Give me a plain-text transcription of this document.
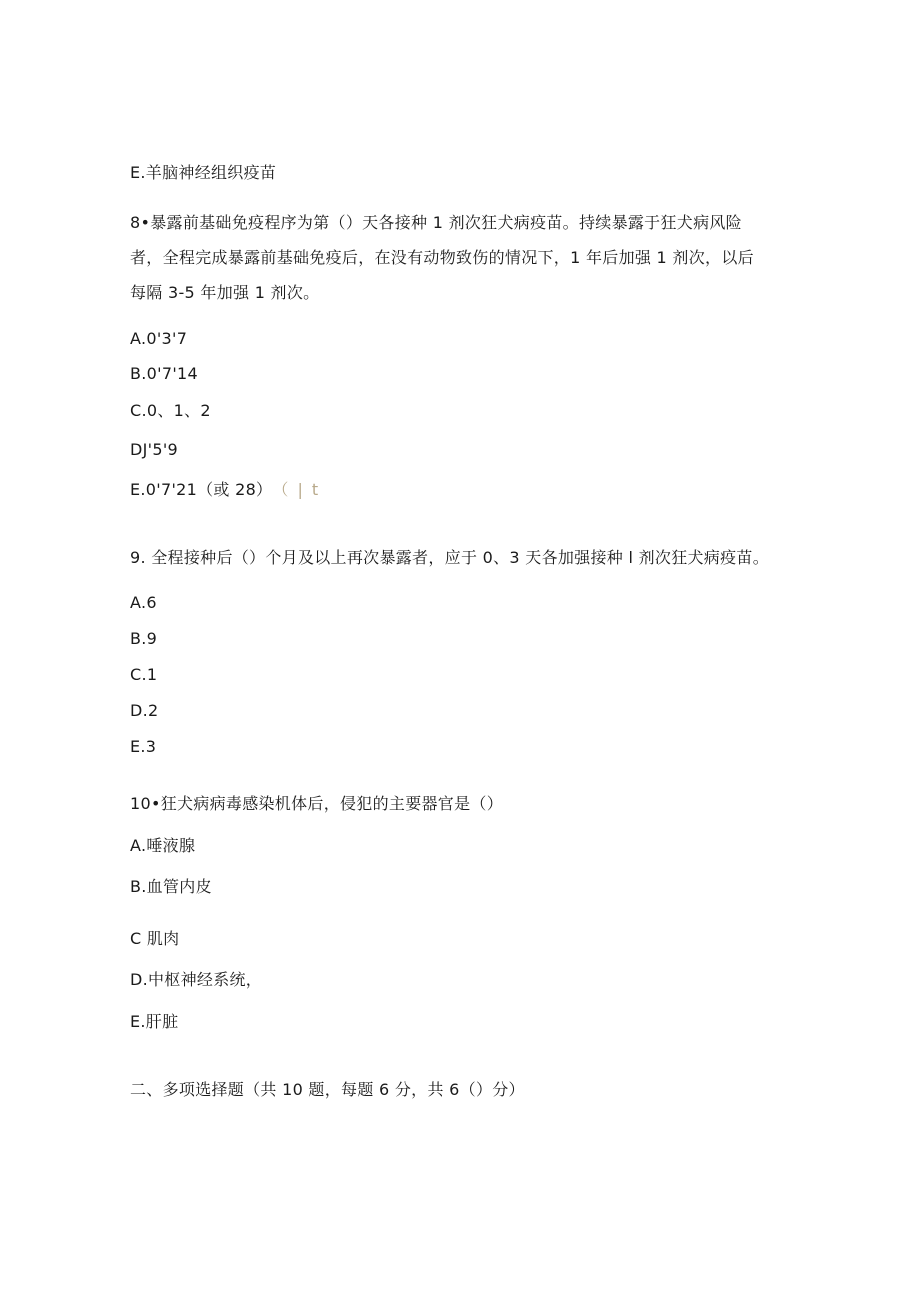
E.羊脑神经组织疫苗
8•暴露前基础免疫程序为第（）天各接种 1 剂次狂犬病疫苗。持续暴露于狂犬病风险
者，全程完成暴露前基础免疫后，在没有动物致伤的情况下，1 年后加强 1 剂次，以后
每隔 3-5 年加强 1 剂次。
A.0'3'7
B.0'7'14
C.0、1、2
DJ'5'9
E.0'7'21（或 28） （ | t
9. 全程接种后（）个月及以上再次暴露者，应于 0、3 天各加强接种 l 剂次狂犬病疫苗。
A.6
B.9
C.1
D.2
E.3
10•狂犬病病毒感染机体后，侵犯的主要器官是（）
A.唾液腺
B.血管内皮
C 肌肉
D.中枢神经系统，
E.肝脏
二、多项选择题（共 10 题，每题 6 分，共 6（）分）
